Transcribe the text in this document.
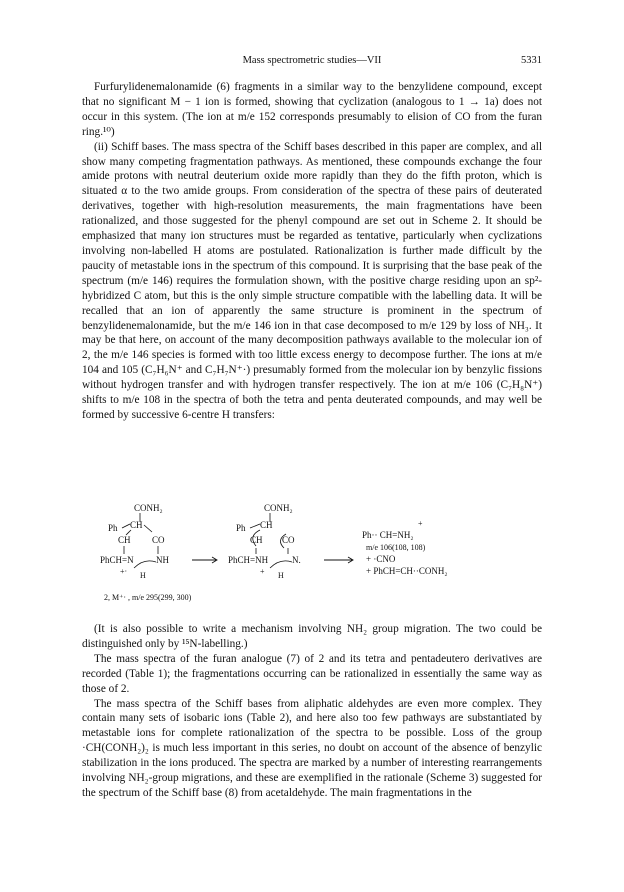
Mass spectrometric studies—VII	5331

Furfurylidenemalonamide (6) fragments in a similar way to the benzylidene compound, except that no significant M − 1 ion is formed, showing that cyclization (analogous to 1 → 1a) does not occur in this system. (The ion at m/e 152 corresponds presumably to elision of CO from the furan ring.¹⁰)

(ii) Schiff bases. The mass spectra of the Schiff bases described in this paper are complex, and all show many competing fragmentation pathways. As mentioned, these compounds exchange the four amide protons with neutral deuterium oxide more rapidly than they do the fifth proton, which is situated α to the two amide groups. From consideration of the spectra of these pairs of deuterated derivatives, together with high-resolution measurements, the main fragmentations have been rationalized, and those suggested for the phenyl compound are set out in Scheme 2. It should be emphasized that many ion structures must be regarded as tentative, particularly when cyclizations involving non-labelled H atoms are postulated. Rationalization is further made difficult by the paucity of metastable ions in the spectrum of this compound. It is surprising that the base peak of the spectrum (m/e 146) requires the formulation shown, with the positive charge residing upon an sp²-hybridized C atom, but this is the only simple structure compatible with the labelling data. It will be recalled that an ion of apparently the same structure is prominent in the spectrum of benzylidenemalonamide, but the m/e 146 ion in that case decomposed to m/e 129 by loss of NH₃. It may be that here, on account of the many decomposition pathways available to the molecular ion of 2, the m/e 146 species is formed with too little excess energy to decompose further. The ions at m/e 104 and 105 (C₇H₆N⁺ and C₇H₇N⁺·) presumably formed from the molecular ion by benzylic fissions without hydrogen transfer and with hydrogen transfer respectively. The ion at m/e 106 (C₇H₈N⁺) shifts to m/e 108 in the spectra of both the tetra and penta deuterated compounds, and may well be formed by successive 6-centre H transfers:

CONH₂
Ph CH
CH CO
PhCH=N NH
+· H
2, M⁺· , m/e 295(299, 300)
CONH₂
Ph CH
CH CO
PhCH=NH	N.
+ H
+
Ph·· CH=NH₂
m/e 106(108, 108)
+ ·CNO
+ PhCH=CH··CONH₂

(It is also possible to write a mechanism involving NH₂ group migration. The two could be distinguished only by ¹⁵N-labelling.)

The mass spectra of the furan analogue (7) of 2 and its tetra and pentadeutero derivatives are recorded (Table 1); the fragmentations occurring can be rationalized in essentially the same way as those of 2.

The mass spectra of the Schiff bases from aliphatic aldehydes are even more complex. They contain many sets of isobaric ions (Table 2), and here also too few pathways are substantiated by metastable ions for complete rationalization of the spectra to be possible. Loss of the group ·CH(CONH₂)₂ is much less important in this series, no doubt on account of the absence of benzylic stabilization in the ions produced. The spectra are marked by a number of interesting rearrangements involving NH₂-group migrations, and these are exemplified in the rationale (Scheme 3) suggested for the spectrum of the Schiff base (8) from acetaldehyde. The main fragmentations in the
